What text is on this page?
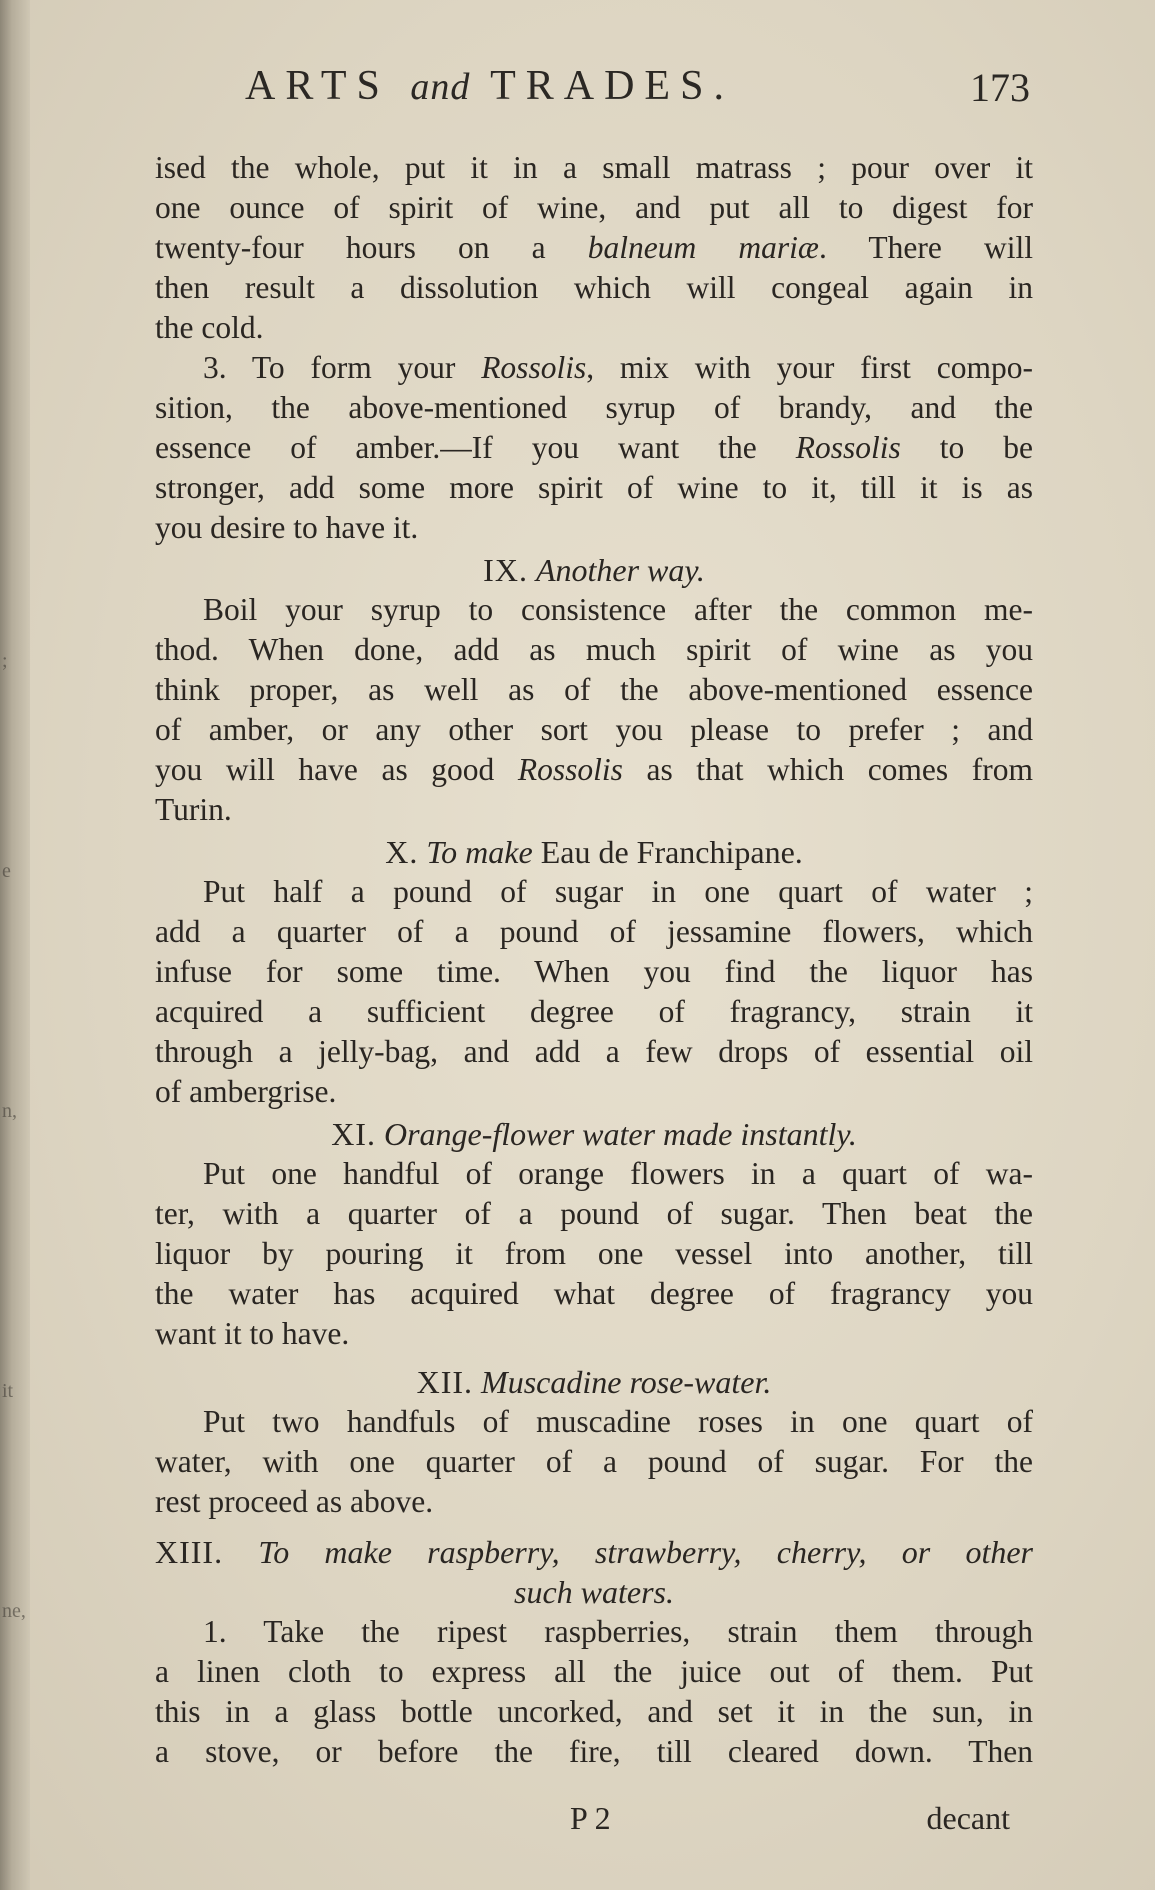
;
e
n,
it
ne,
ARTS and TRADES.	173

ised the whole, put it in a small matrass ; pour over it
one ounce of spirit of wine, and put all to digest for
twenty-four hours on a balneum mariæ. There will
then result a dissolution which will congeal again in
the cold.

3. To form your Rossolis, mix with your first compo-
sition, the above-mentioned syrup of brandy, and the
essence of amber.—If you want the Rossolis to be
stronger, add some more spirit of wine to it, till it is as
you desire to have it.

IX. Another way.

Boil your syrup to consistence after the common me-
thod. When done, add as much spirit of wine as you
think proper, as well as of the above-mentioned essence
of amber, or any other sort you please to prefer ; and
you will have as good Rossolis as that which comes from
Turin.

X. To make Eau de Franchipane.

Put half a pound of sugar in one quart of water ;
add a quarter of a pound of jessamine flowers, which
infuse for some time. When you find the liquor has
acquired a sufficient degree of fragrancy, strain it
through a jelly-bag, and add a few drops of essential oil
of ambergrise.

XI. Orange-flower water made instantly.

Put one handful of orange flowers in a quart of wa-
ter, with a quarter of a pound of sugar. Then beat the
liquor by pouring it from one vessel into another, till
the water has acquired what degree of fragrancy you
want it to have.

XII. Muscadine rose-water.

Put two handfuls of muscadine roses in one quart of
water, with one quarter of a pound of sugar. For the
rest proceed as above.

XIII. To make raspberry, strawberry, cherry, or other
such waters.

1. Take the ripest raspberries, strain them through
a linen cloth to express all the juice out of them. Put
this in a glass bottle uncorked, and set it in the sun, in
a stove, or before the fire, till cleared down. Then

P 2	decant
